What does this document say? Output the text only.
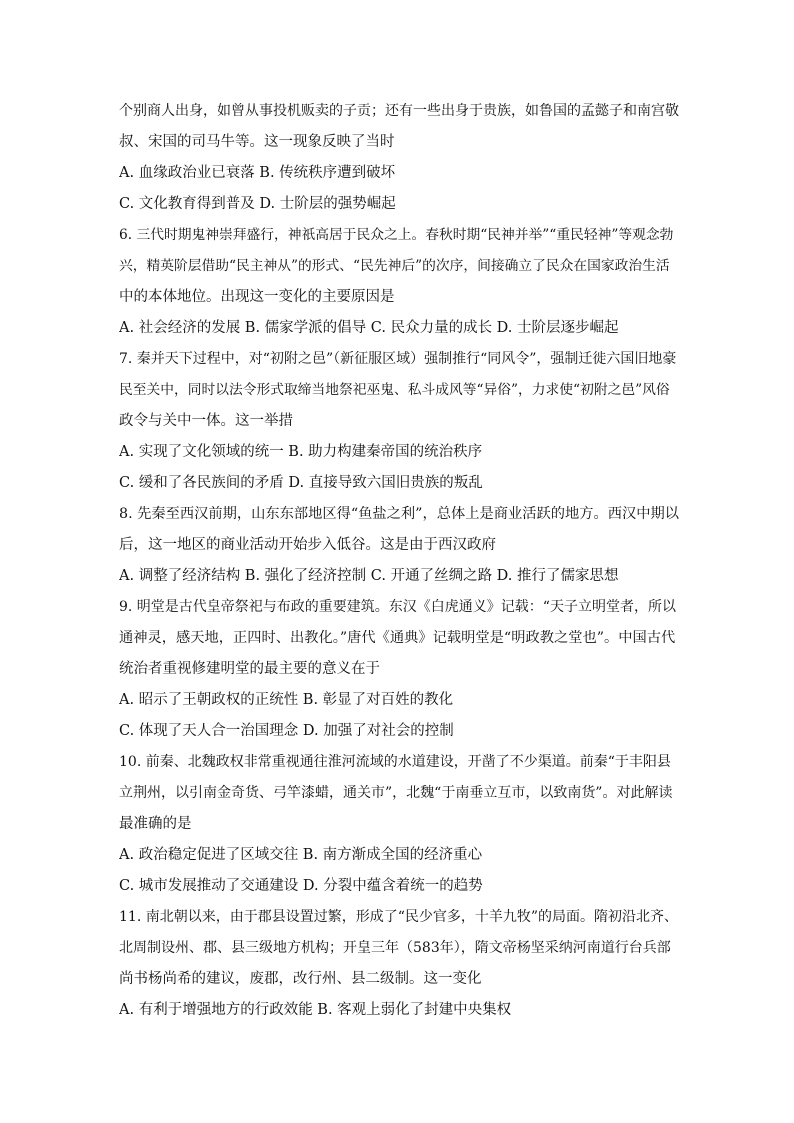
个别商人出身，如曾从事投机贩卖的子贡；还有一些出身于贵族，如鲁国的孟懿子和南宫敬
叔、宋国的司马牛等。这一现象反映了当时
A. 血缘政治业已衰落 B. 传统秩序遭到破坏
C. 文化教育得到普及 D. 士阶层的强势崛起
6. 三代时期鬼神崇拜盛行，神祇高居于民众之上。春秋时期“民神并举”“重民轻神”等观念勃
兴，精英阶层借助“民主神从”的形式、“民先神后”的次序，间接确立了民众在国家政治生活
中的本体地位。出现这一变化的主要原因是
A. 社会经济的发展 B. 儒家学派的倡导 C. 民众力量的成长 D. 士阶层逐步崛起
7. 秦并天下过程中，对“初附之邑”（新征服区域）强制推行“同风令”，强制迁徙六国旧地豪
民至关中，同时以法令形式取缔当地祭祀巫鬼、私斗成风等“异俗”，力求使“初附之邑”风俗
政令与关中一体。这一举措
A. 实现了文化领域的统一 B. 助力构建秦帝国的统治秩序
C. 缓和了各民族间的矛盾 D. 直接导致六国旧贵族的叛乱
8. 先秦至西汉前期，山东东部地区得“鱼盐之利”，总体上是商业活跃的地方。西汉中期以
后，这一地区的商业活动开始步入低谷。这是由于西汉政府
A. 调整了经济结构 B. 强化了经济控制 C. 开通了丝绸之路 D. 推行了儒家思想
9. 明堂是古代皇帝祭祀与布政的重要建筑。东汉《白虎通义》记载：“天子立明堂者，所以
通神灵，感天地，正四时、出教化。”唐代《通典》记载明堂是“明政教之堂也”。中国古代
统治者重视修建明堂的最主要的意义在于
A. 昭示了王朝政权的正统性 B. 彰显了对百姓的教化
C. 体现了天人合一治国理念 D. 加强了对社会的控制
10. 前秦、北魏政权非常重视通往淮河流域的水道建设，开凿了不少渠道。前秦“于丰阳县
立荆州，以引南金奇货、弓竿漆蜡，通关市”，北魏“于南垂立互市，以致南货”。对此解读
最准确的是
A. 政治稳定促进了区域交往 B. 南方渐成全国的经济重心
C. 城市发展推动了交通建设 D. 分裂中蕴含着统一的趋势
11. 南北朝以来，由于郡县设置过繁，形成了“民少官多，十羊九牧”的局面。隋初沿北齐、
北周制设州、郡、县三级地方机构；开皇三年（583年），隋文帝杨坚采纳河南道行台兵部
尚书杨尚希的建议，废郡，改行州、县二级制。这一变化
A. 有利于增强地方的行政效能 B. 客观上弱化了封建中央集权
